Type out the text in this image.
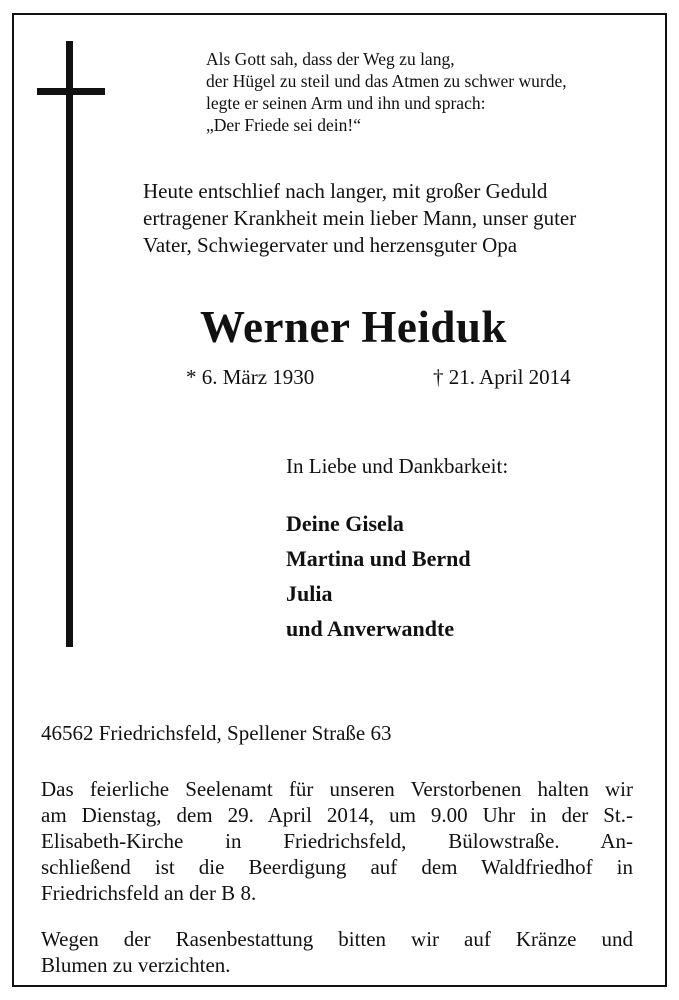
Als Gott sah, dass der Weg zu lang,
der Hügel zu steil und das Atmen zu schwer wurde,
legte er seinen Arm und ihn und sprach:
„Der Friede sei dein!“
Heute entschlief nach langer, mit großer Geduld
ertragener Krankheit mein lieber Mann, unser guter
Vater, Schwiegervater und herzensguter Opa
Werner Heiduk
* 6. März 1930	† 21. April 2014
In Liebe und Dankbarkeit:
Deine Gisela
Martina und Bernd
Julia
und Anverwandte
46562 Friedrichsfeld, Spellener Straße 63
Das feierliche Seelenamt für unseren Verstorbenen halten wir
am Dienstag, dem 29. April 2014, um 9.00 Uhr in der St.-
Elisabeth-Kirche in Friedrichsfeld, Bülowstraße. An-
schließend ist die Beerdigung auf dem Waldfriedhof in
Friedrichsfeld an der B 8.
Wegen der Rasenbestattung bitten wir auf Kränze und
Blumen zu verzichten.
